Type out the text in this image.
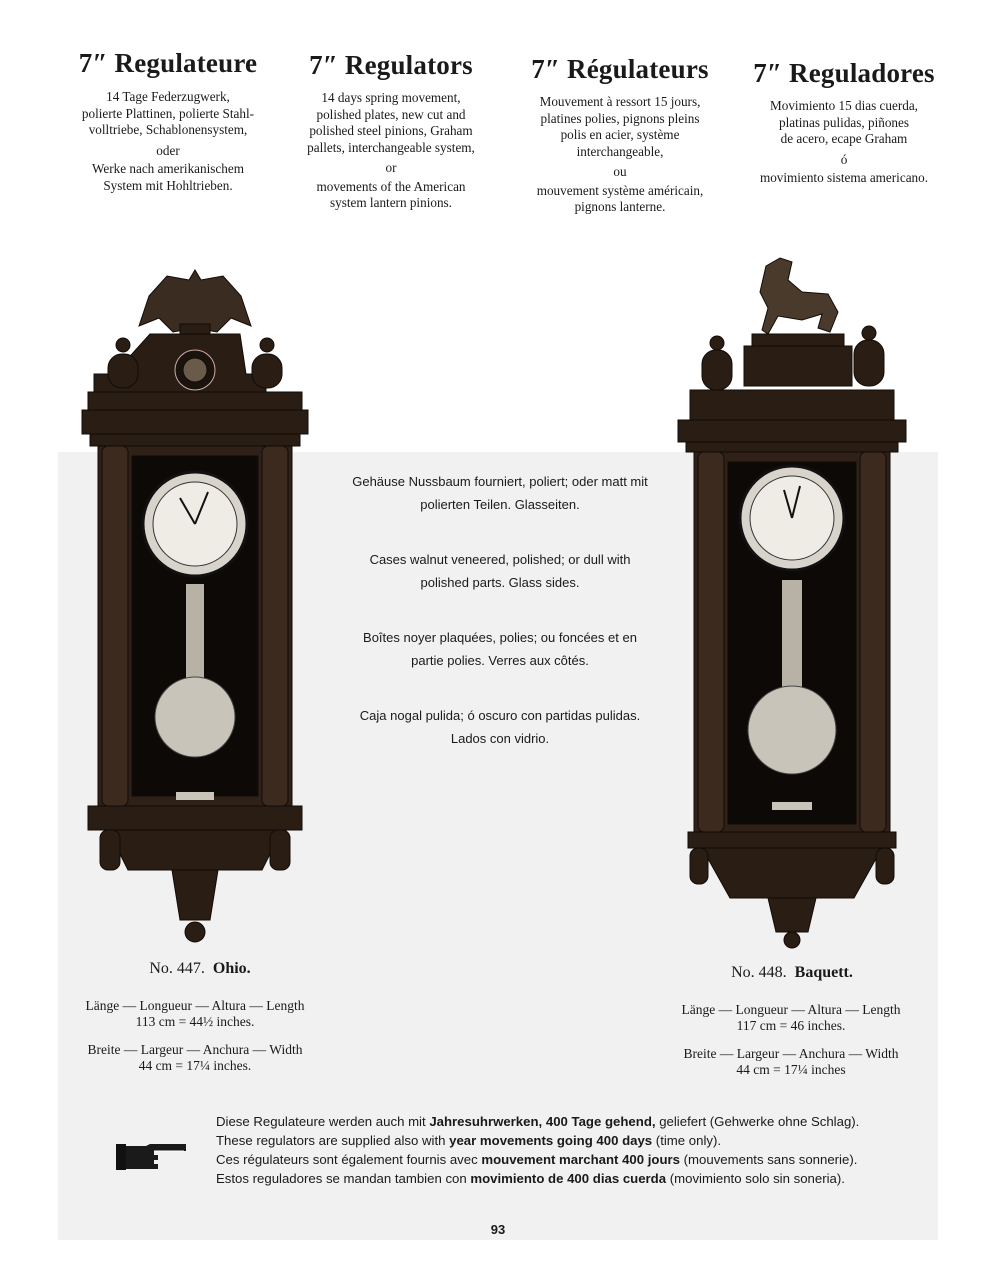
7″ Regulateure

14 Tage Federzugwerk,

polierte Plattinen, polierte Stahl-

volltriebe, Schablonensystem,

oder

Werke nach amerikanischem

System mit Hohltrieben.

7″ Regulators

14 days spring movement,

polished plates, new cut and

polished steel pinions, Graham

pallets, interchangeable system,

or

movements of the American

system lantern pinions.

7″ Régulateurs

Mouvement à ressort 15 jours,

platines polies, pignons pleins

polis en acier, système

interchangeable,

ou

mouvement système américain,

pignons lanterne.

7″ Reguladores

Movimiento 15 dias cuerda,

platinas pulidas, piñones

de acero, ecape Graham

ó

movimiento sistema americano.

Gehäuse Nussbaum fourniert, poliert; oder matt mit
polierten Teilen. Glasseiten.

Cases walnut veneered, polished; or dull with
polished parts. Glass sides.

Boîtes noyer plaquées, polies; ou foncées et en
partie polies. Verres aux côtés.

Caja nogal pulida; ó oscuro con partidas pulidas.
Lados con vidrio.

No. 447. Ohio.

Länge — Longueur — Altura — Length

113 cm = 44½ inches.

Breite — Largeur — Anchura — Width

44 cm = 17¼ inches.

No. 448. Baquett.

Länge — Longueur — Altura — Length

117 cm = 46 inches.

Breite — Largeur — Anchura — Width

44 cm = 17¼ inches

Diese Regulateure werden auch mit Jahresuhrwerken, 400 Tage gehend, geliefert (Gehwerke ohne Schlag).

These regulators are supplied also with year movements going 400 days (time only).

Ces régulateurs sont également fournis avec mouvement marchant 400 jours (mouvements sans sonnerie).

Estos reguladores se mandan tambien con movimiento de 400 dias cuerda (movimiento solo sin soneria).

93
